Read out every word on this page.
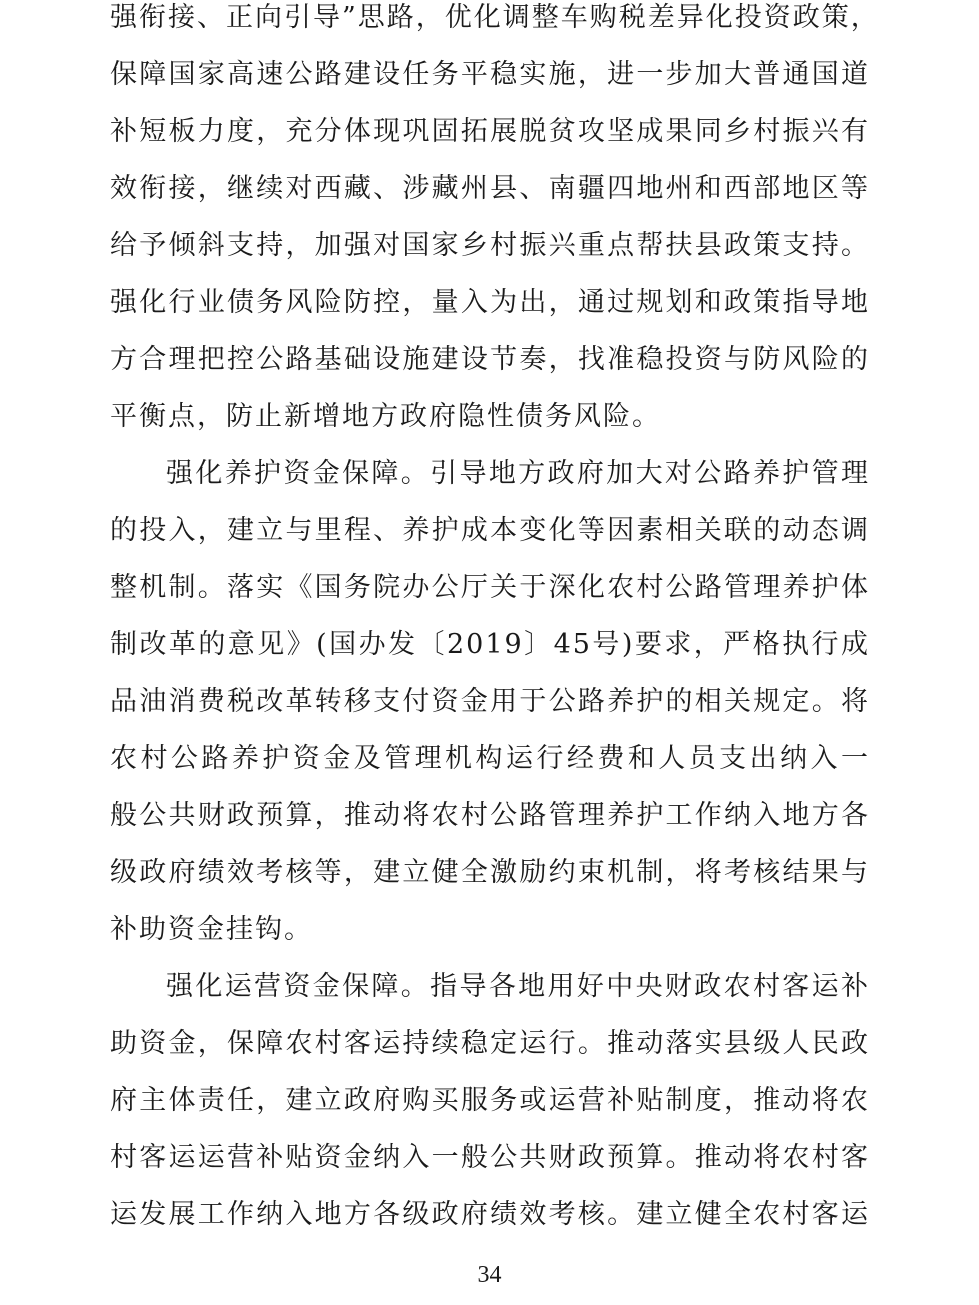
强衔接、正向引导”思路，优化调整车购税差异化投资政策，
保障国家高速公路建设任务平稳实施，进一步加大普通国道
补短板力度，充分体现巩固拓展脱贫攻坚成果同乡村振兴有
效衔接，继续对西藏、涉藏州县、南疆四地州和西部地区等
给予倾斜支持，加强对国家乡村振兴重点帮扶县政策支持。
强化行业债务风险防控，量入为出，通过规划和政策指导地
方合理把控公路基础设施建设节奏，找准稳投资与防风险的
平衡点，防止新增地方政府隐性债务风险。
强化养护资金保障。引导地方政府加大对公路养护管理
的投入，建立与里程、养护成本变化等因素相关联的动态调
整机制。落实《国务院办公厅关于深化农村公路管理养护体
制改革的意见》(国办发〔2019〕45号)要求，严格执行成
品油消费税改革转移支付资金用于公路养护的相关规定。将
农村公路养护资金及管理机构运行经费和人员支出纳入一
般公共财政预算，推动将农村公路管理养护工作纳入地方各
级政府绩效考核等，建立健全激励约束机制，将考核结果与
补助资金挂钩。
强化运营资金保障。指导各地用好中央财政农村客运补
助资金，保障农村客运持续稳定运行。推动落实县级人民政
府主体责任，建立政府购买服务或运营补贴制度，推动将农
村客运运营补贴资金纳入一般公共财政预算。推动将农村客
运发展工作纳入地方各级政府绩效考核。建立健全农村客运
34
